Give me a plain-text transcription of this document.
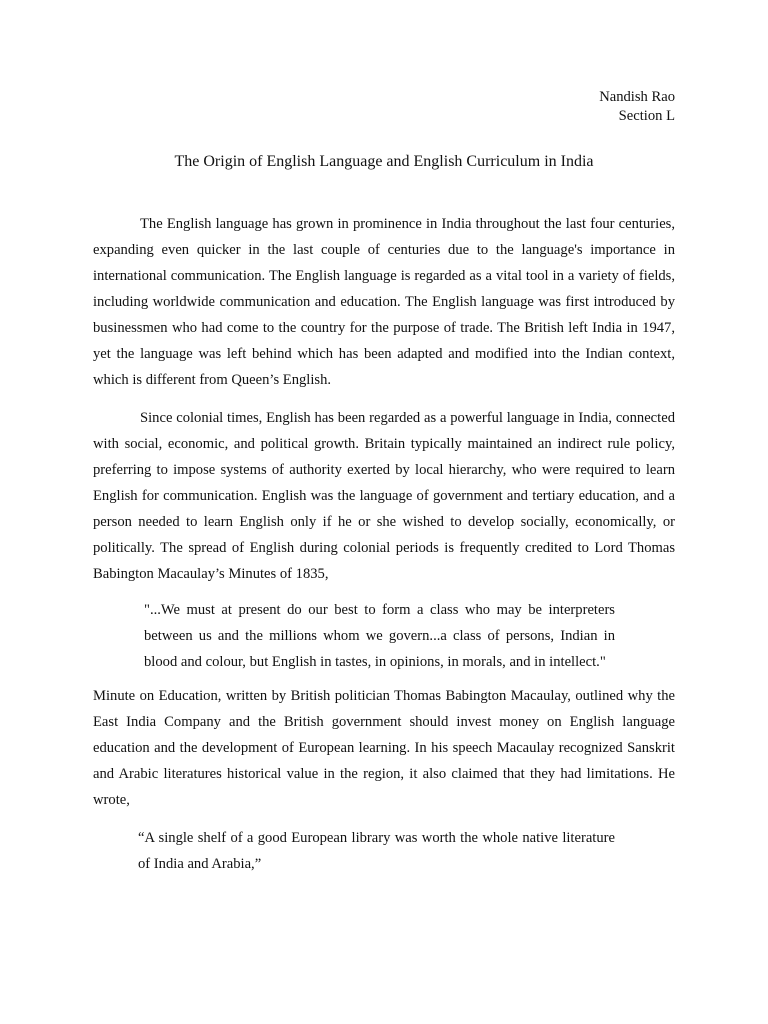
Nandish Rao
Section L
The Origin of English Language and English Curriculum in India

The English language has grown in prominence in India throughout the last four centuries, expanding even quicker in the last couple of centuries due to the language's importance in international communication. The English language is regarded as a vital tool in a variety of fields, including worldwide communication and education. The English language was first introduced by businessmen who had come to the country for the purpose of trade. The British left India in 1947, yet the language was left behind which has been adapted and modified into the Indian context, which is different from Queen’s English.

Since colonial times, English has been regarded as a powerful language in India, connected with social, economic, and political growth. Britain typically maintained an indirect rule policy, preferring to impose systems of authority exerted by local hierarchy, who were required to learn English for communication. English was the language of government and tertiary education, and a person needed to learn English only if he or she wished to develop socially, economically, or politically. The spread of English during colonial periods is frequently credited to Lord Thomas Babington Macaulay’s Minutes of 1835,

"...We must at present do our best to form a class who may be interpreters between us and the millions whom we govern...a class of persons, Indian in blood and colour, but English in tastes, in opinions, in morals, and in intellect."

Minute on Education, written by British politician Thomas Babington Macaulay, outlined why the East India Company and the British government should invest money on English language education and the development of European learning. In his speech Macaulay recognized Sanskrit and Arabic literatures historical value in the region, it also claimed that they had limitations. He wrote,

“A single shelf of a good European library was worth the whole native literature of India and Arabia,”
